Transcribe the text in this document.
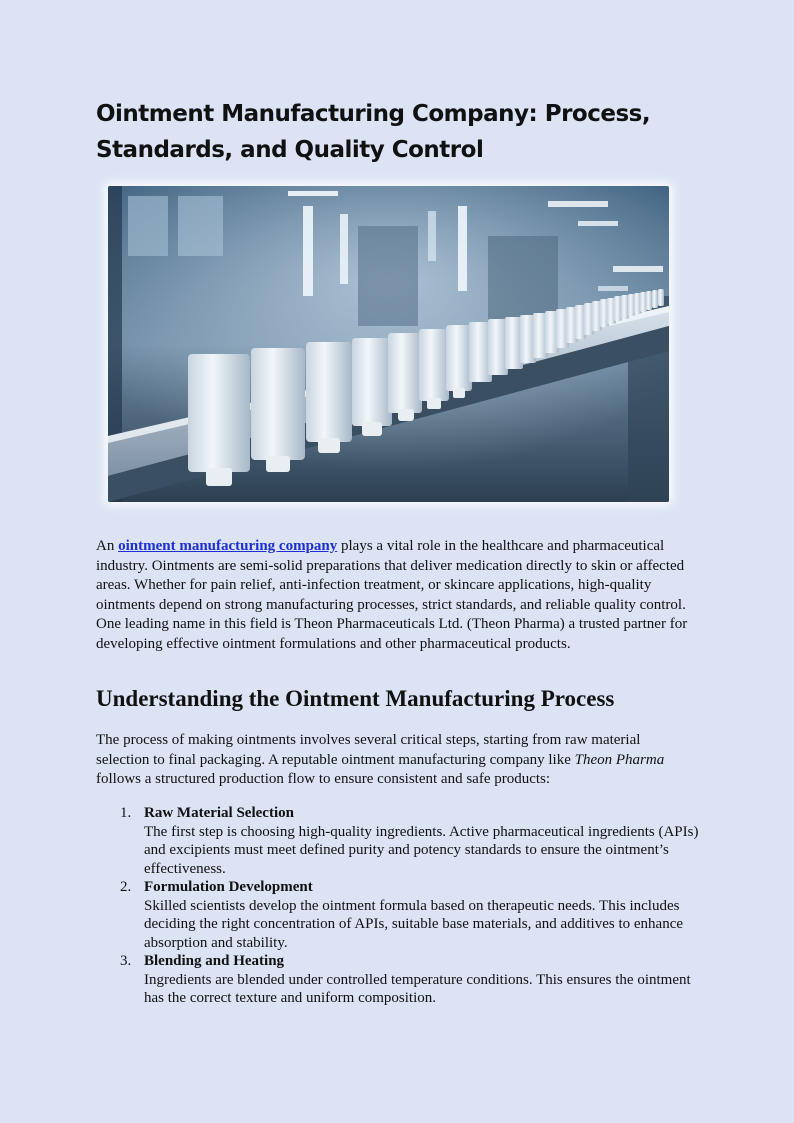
Ointment Manufacturing Company: Process, Standards, and Quality Control

An ointment manufacturing company plays a vital role in the healthcare and pharmaceutical industry. Ointments are semi-solid preparations that deliver medication directly to skin or affected areas. Whether for pain relief, anti-infection treatment, or skincare applications, high-quality ointments depend on strong manufacturing processes, strict standards, and reliable quality control. One leading name in this field is Theon Pharmaceuticals Ltd. (Theon Pharma) a trusted partner for developing effective ointment formulations and other pharmaceutical products.

Understanding the Ointment Manufacturing Process

The process of making ointments involves several critical steps, starting from raw material selection to final packaging. A reputable ointment manufacturing company like Theon Pharma follows a structured production flow to ensure consistent and safe products:

1. Raw Material Selection
The first step is choosing high-quality ingredients. Active pharmaceutical ingredients (APIs) and excipients must meet defined purity and potency standards to ensure the ointment’s effectiveness.
2. Formulation Development
Skilled scientists develop the ointment formula based on therapeutic needs. This includes deciding the right concentration of APIs, suitable base materials, and additives to enhance absorption and stability.
3. Blending and Heating
Ingredients are blended under controlled temperature conditions. This ensures the ointment has the correct texture and uniform composition.
